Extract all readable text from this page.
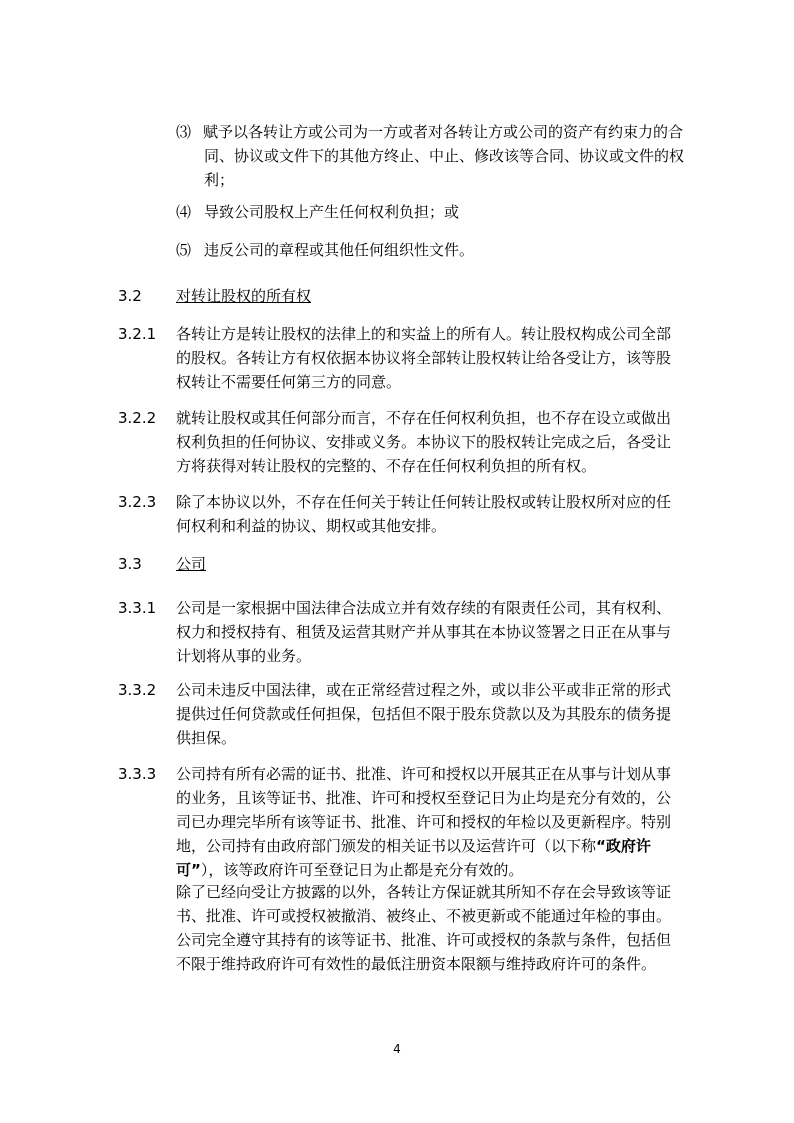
⑶ 赋予以各转让方或公司为一方或者对各转让方或公司的资产有约束力的合同、协议或文件下的其他方终止、中止、修改该等合同、协议或文件的权利；
⑷ 导致公司股权上产生任何权利负担；或
⑸ 违反公司的章程或其他任何组织性文件。
3.2	对转让股权的所有权
3.2.1	各转让方是转让股权的法律上的和实益上的所有人。转让股权构成公司全部的股权。各转让方有权依据本协议将全部转让股权转让给各受让方，该等股权转让不需要任何第三方的同意。
3.2.2	就转让股权或其任何部分而言，不存在任何权利负担，也不存在设立或做出权利负担的任何协议、安排或义务。本协议下的股权转让完成之后，各受让方将获得对转让股权的完整的、不存在任何权利负担的所有权。
3.2.3	除了本协议以外，不存在任何关于转让任何转让股权或转让股权所对应的任何权利和利益的协议、期权或其他安排。
3.3	公司
3.3.1	公司是一家根据中国法律合法成立并有效存续的有限责任公司，其有权利、权力和授权持有、租赁及运营其财产并从事其在本协议签署之日正在从事与计划将从事的业务。
3.3.2	公司未违反中国法律，或在正常经营过程之外，或以非公平或非正常的形式提供过任何贷款或任何担保，包括但不限于股东贷款以及为其股东的债务提供担保。
3.3.3	公司持有所有必需的证书、批准、许可和授权以开展其正在从事与计划从事的业务，且该等证书、批准、许可和授权至登记日为止均是充分有效的，公司已办理完毕所有该等证书、批准、许可和授权的年检以及更新程序。特别地，公司持有由政府部门颁发的相关证书以及运营许可（以下称“政府许可”），该等政府许可至登记日为止都是充分有效的。
除了已经向受让方披露的以外，各转让方保证就其所知不存在会导致该等证书、批准、许可或授权被撤消、被终止、不被更新或不能通过年检的事由。公司完全遵守其持有的该等证书、批准、许可或授权的条款与条件，包括但不限于维持政府许可有效性的最低注册资本限额与维持政府许可的条件。
4
